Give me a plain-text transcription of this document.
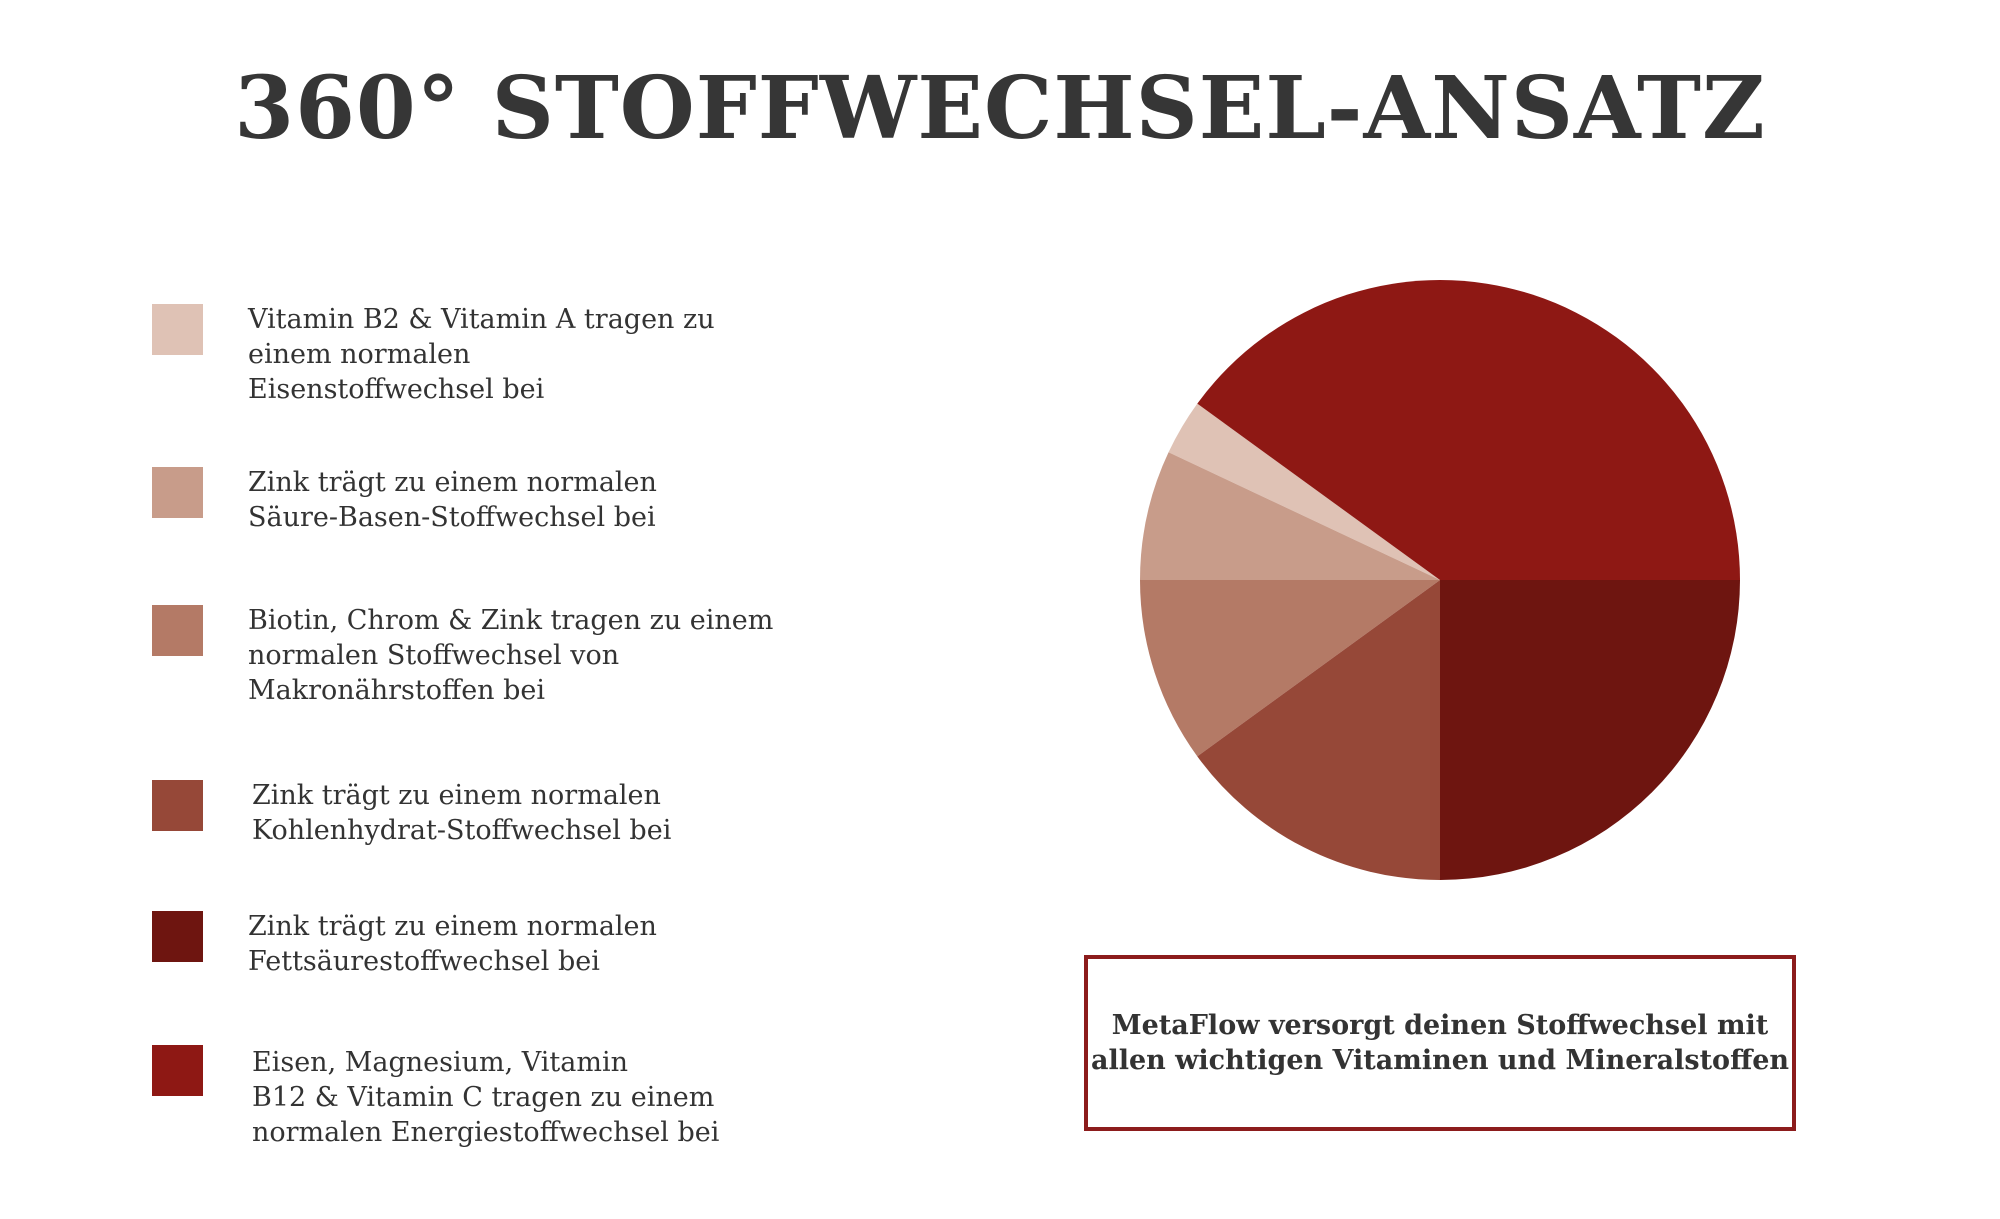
360° STOFFWECHSEL-ANSATZ
Vitamin B2 & Vitamin A tragen zu
einem normalen
Eisenstoffwechsel bei
Zink trägt zu einem normalen
Säure-Basen-Stoffwechsel bei
Biotin, Chrom & Zink tragen zu einem
normalen Stoffwechsel von
Makronährstoffen bei
Zink trägt zu einem normalen
Kohlenhydrat-Stoffwechsel bei
Zink trägt zu einem normalen
Fettsäurestoffwechsel bei
Eisen, Magnesium, Vitamin
B12 & Vitamin C tragen zu einem
normalen Energiestoffwechsel bei

MetaFlow versorgt deinen Stoffwechsel mit
allen wichtigen Vitaminen und Mineralstoffen
